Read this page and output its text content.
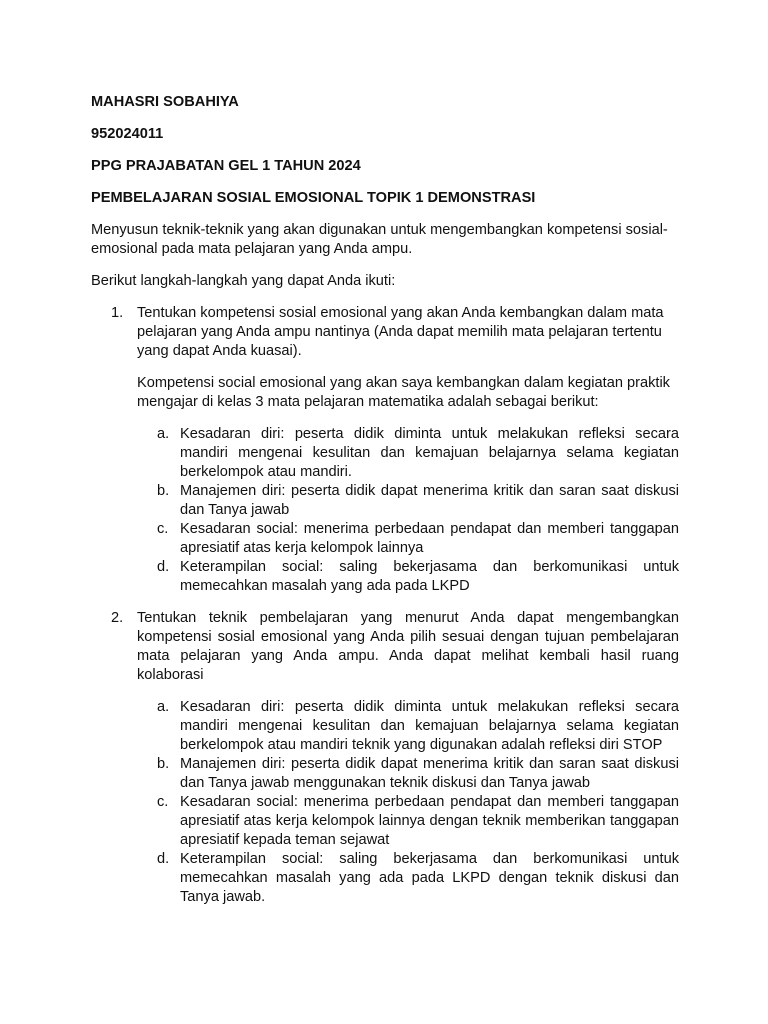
MAHASRI SOBAHIYA
952024011
PPG PRAJABATAN GEL 1 TAHUN 2024
PEMBELAJARAN SOSIAL EMOSIONAL TOPIK 1 DEMONSTRASI
Menyusun teknik-teknik yang akan digunakan untuk mengembangkan kompetensi sosial-emosional pada mata pelajaran yang Anda ampu.
Berikut langkah-langkah yang dapat Anda ikuti:
1. Tentukan kompetensi sosial emosional yang akan Anda kembangkan dalam mata pelajaran yang Anda ampu nantinya (Anda dapat memilih mata pelajaran tertentu yang dapat Anda kuasai).
Kompetensi social emosional yang akan saya kembangkan dalam kegiatan praktik mengajar di kelas 3 mata pelajaran matematika adalah sebagai berikut:
a. Kesadaran diri: peserta didik diminta untuk melakukan refleksi secara mandiri mengenai kesulitan dan kemajuan belajarnya selama kegiatan berkelompok atau mandiri.
b. Manajemen diri: peserta didik dapat menerima kritik dan saran saat diskusi dan Tanya jawab
c. Kesadaran social: menerima perbedaan pendapat dan memberi tanggapan apresiatif atas kerja kelompok lainnya
d. Keterampilan social: saling bekerjasama dan berkomunikasi untuk memecahkan masalah yang ada pada LKPD
2. Tentukan teknik pembelajaran yang menurut Anda dapat mengembangkan kompetensi sosial emosional yang Anda pilih sesuai dengan tujuan pembelajaran mata pelajaran yang Anda ampu. Anda dapat melihat kembali hasil ruang kolaborasi
a. Kesadaran diri: peserta didik diminta untuk melakukan refleksi secara mandiri mengenai kesulitan dan kemajuan belajarnya selama kegiatan berkelompok atau mandiri teknik yang digunakan adalah refleksi diri STOP
b. Manajemen diri: peserta didik dapat menerima kritik dan saran saat diskusi dan Tanya jawab menggunakan teknik diskusi dan Tanya jawab
c. Kesadaran social: menerima perbedaan pendapat dan memberi tanggapan apresiatif atas kerja kelompok lainnya dengan teknik memberikan tanggapan apresiatif kepada teman sejawat
d. Keterampilan social: saling bekerjasama dan berkomunikasi untuk memecahkan masalah yang ada pada LKPD dengan teknik diskusi dan Tanya jawab.
